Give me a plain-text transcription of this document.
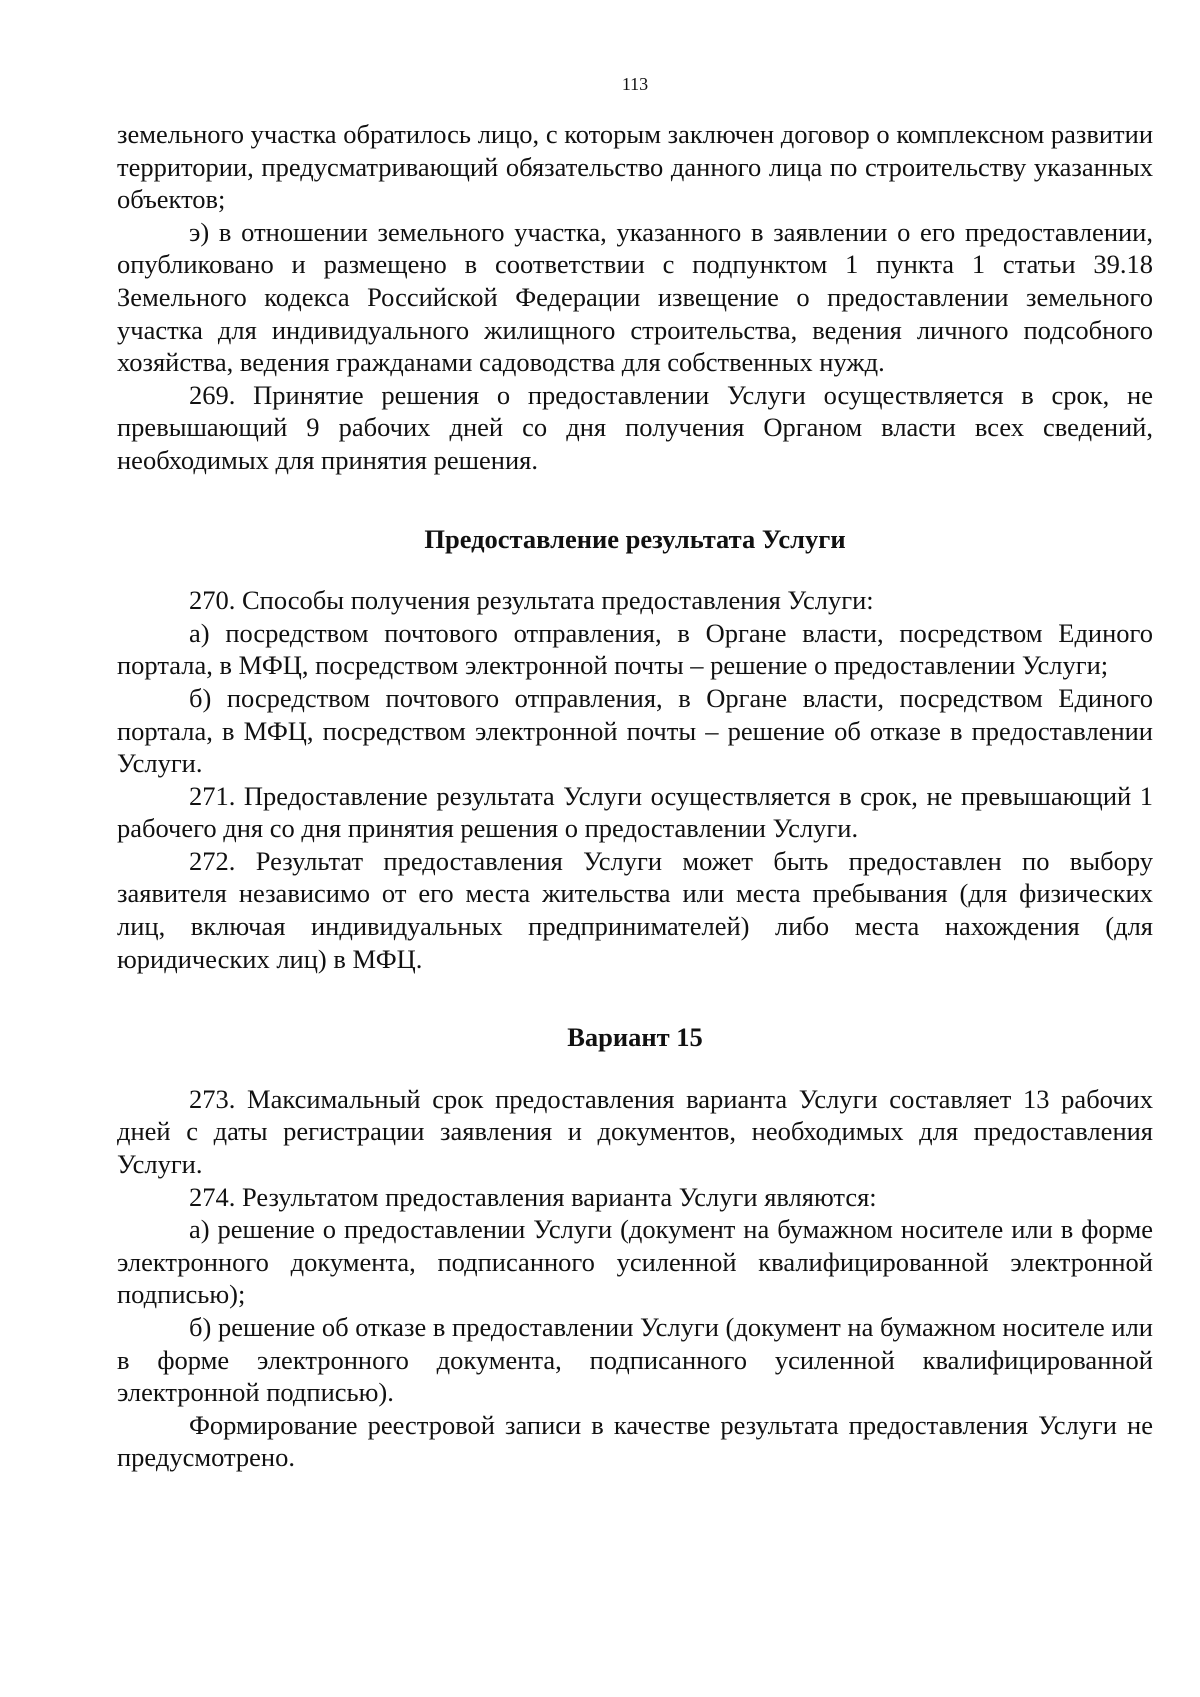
113

земельного участка обратилось лицо, с которым заключен договор о комплексном развитии территории, предусматривающий обязательство данного лица по строительству указанных объектов;

э) в отношении земельного участка, указанного в заявлении о его предоставлении, опубликовано и размещено в соответствии с подпунктом 1 пункта 1 статьи 39.18 Земельного кодекса Российской Федерации извещение о предоставлении земельного участка для индивидуального жилищного строительства, ведения личного подсобного хозяйства, ведения гражданами садоводства для собственных нужд.

269. Принятие решения о предоставлении Услуги осуществляется в срок, не превышающий 9 рабочих дней со дня получения Органом власти всех сведений, необходимых для принятия решения.

Предоставление результата Услуги

270. Способы получения результата предоставления Услуги:

а) посредством почтового отправления, в Органе власти, посредством Единого портала, в МФЦ, посредством электронной почты – решение о предоставлении Услуги;

б) посредством почтового отправления, в Органе власти, посредством Единого портала, в МФЦ, посредством электронной почты – решение об отказе в предоставлении Услуги.

271. Предоставление результата Услуги осуществляется в срок, не превышающий 1 рабочего дня со дня принятия решения о предоставлении Услуги.

272. Результат предоставления Услуги может быть предоставлен по выбору заявителя независимо от его места жительства или места пребывания (для физических лиц, включая индивидуальных предпринимателей) либо места нахождения (для юридических лиц) в МФЦ.

Вариант 15

273. Максимальный срок предоставления варианта Услуги составляет 13 рабочих дней с даты регистрации заявления и документов, необходимых для предоставления Услуги.

274. Результатом предоставления варианта Услуги являются:

а) решение о предоставлении Услуги (документ на бумажном носителе или в форме электронного документа, подписанного усиленной квалифицированной электронной подписью);

б) решение об отказе в предоставлении Услуги (документ на бумажном носителе или в форме электронного документа, подписанного усиленной квалифицированной электронной подписью).

Формирование реестровой записи в качестве результата предоставления Услуги не предусмотрено.
